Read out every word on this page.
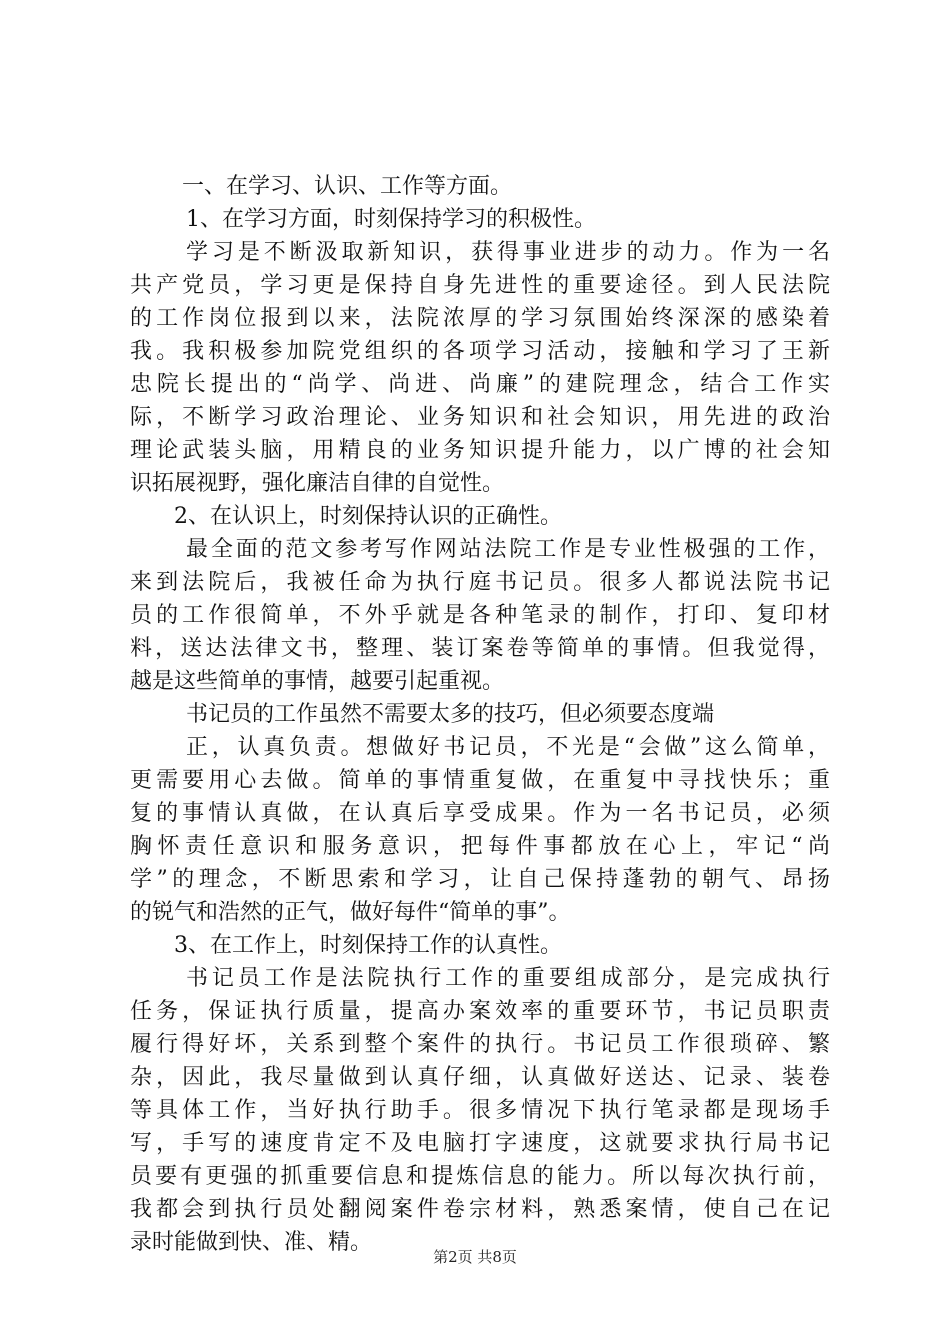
一、在学习、认识、工作等方面。
1、在学习方面，时刻保持学习的积极性。
学习是不断汲取新知识，获得事业进步的动力。作为一名
共产党员，学习更是保持自身先进性的重要途径。到人民法院
的工作岗位报到以来，法院浓厚的学习氛围始终深深的感染着
我。我积极参加院党组织的各项学习活动，接触和学习了王新
忠院长提出的“尚学、尚进、尚廉”的建院理念，结合工作实
际，不断学习政治理论、业务知识和社会知识，用先进的政治
理论武装头脑，用精良的业务知识提升能力，以广博的社会知
识拓展视野，强化廉洁自律的自觉性。
2、在认识上，时刻保持认识的正确性。
最全面的范文参考写作网站法院工作是专业性极强的工作，
来到法院后，我被任命为执行庭书记员。很多人都说法院书记
员的工作很简单，不外乎就是各种笔录的制作，打印、复印材
料，送达法律文书，整理、装订案卷等简单的事情。但我觉得，
越是这些简单的事情，越要引起重视。
书记员的工作虽然不需要太多的技巧，但必须要态度端
正，认真负责。想做好书记员，不光是“会做”这么简单，
更需要用心去做。简单的事情重复做，在重复中寻找快乐；重
复的事情认真做，在认真后享受成果。作为一名书记员，必须
胸怀责任意识和服务意识，把每件事都放在心上，牢记“尚
学”的理念，不断思索和学习，让自己保持蓬勃的朝气、昂扬
的锐气和浩然的正气，做好每件“简单的事”。
3、在工作上，时刻保持工作的认真性。
书记员工作是法院执行工作的重要组成部分，是完成执行
任务，保证执行质量，提高办案效率的重要环节，书记员职责
履行得好坏，关系到整个案件的执行。书记员工作很琐碎、繁
杂，因此，我尽量做到认真仔细，认真做好送达、记录、装卷
等具体工作，当好执行助手。很多情况下执行笔录都是现场手
写，手写的速度肯定不及电脑打字速度，这就要求执行局书记
员要有更强的抓重要信息和提炼信息的能力。所以每次执行前，
我都会到执行员处翻阅案件卷宗材料，熟悉案情，使自己在记
录时能做到快、准、精。
第2页 共8页
